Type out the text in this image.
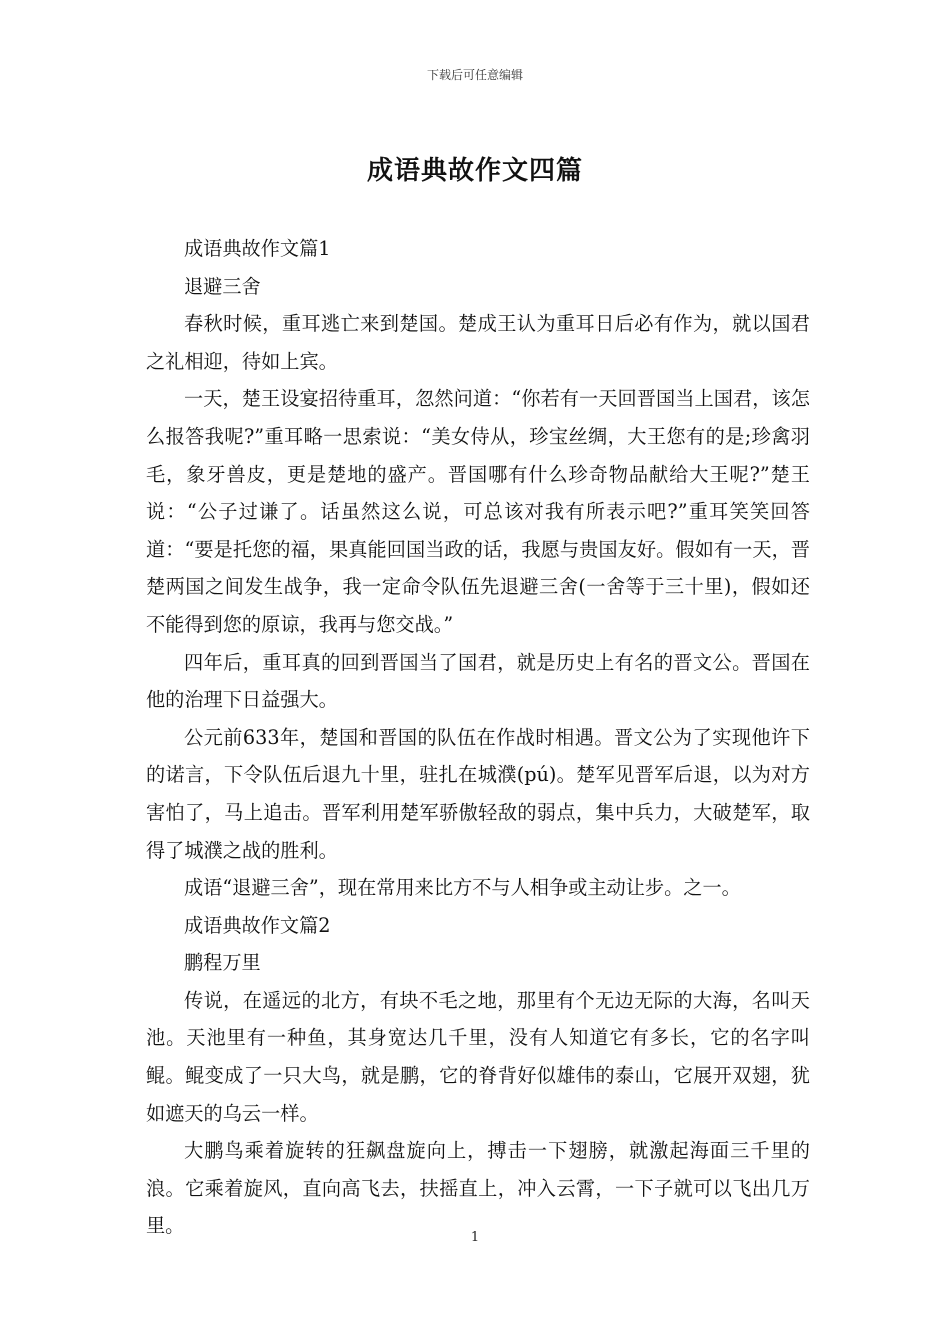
下载后可任意编辑
成语典故作文四篇

成语典故作文篇1

退避三舍

春秋时候，重耳逃亡来到楚国。楚成王认为重耳日后必有作为，就以国君之礼相迎，待如上宾。

一天，楚王设宴招待重耳，忽然问道：“你若有一天回晋国当上国君，该怎么报答我呢?”重耳略一思索说：“美女侍从，珍宝丝绸，大王您有的是;珍禽羽毛，象牙兽皮，更是楚地的盛产。晋国哪有什么珍奇物品献给大王呢?”楚王说：“公子过谦了。话虽然这么说，可总该对我有所表示吧?”重耳笑笑回答道：“要是托您的福，果真能回国当政的话，我愿与贵国友好。假如有一天，晋楚两国之间发生战争，我一定命令队伍先退避三舍(一舍等于三十里)，假如还不能得到您的原谅，我再与您交战。”

四年后，重耳真的回到晋国当了国君，就是历史上有名的晋文公。晋国在他的治理下日益强大。

公元前633年，楚国和晋国的队伍在作战时相遇。晋文公为了实现他许下的诺言，下令队伍后退九十里，驻扎在城濮(pú)。楚军见晋军后退，以为对方害怕了，马上追击。晋军利用楚军骄傲轻敌的弱点，集中兵力，大破楚军，取得了城濮之战的胜利。

成语“退避三舍”，现在常用来比方不与人相争或主动让步。之一。

成语典故作文篇2

鹏程万里

传说，在遥远的北方，有块不毛之地，那里有个无边无际的大海，名叫天池。天池里有一种鱼，其身宽达几千里，没有人知道它有多长，它的名字叫鲲。鲲变成了一只大鸟，就是鹏，它的脊背好似雄伟的泰山，它展开双翅，犹如遮天的乌云一样。

大鹏鸟乘着旋转的狂飙盘旋向上，搏击一下翅膀，就激起海面三千里的浪。它乘着旋风，直向高飞去，扶摇直上，冲入云霄，一下子就可以飞出几万里。

1
